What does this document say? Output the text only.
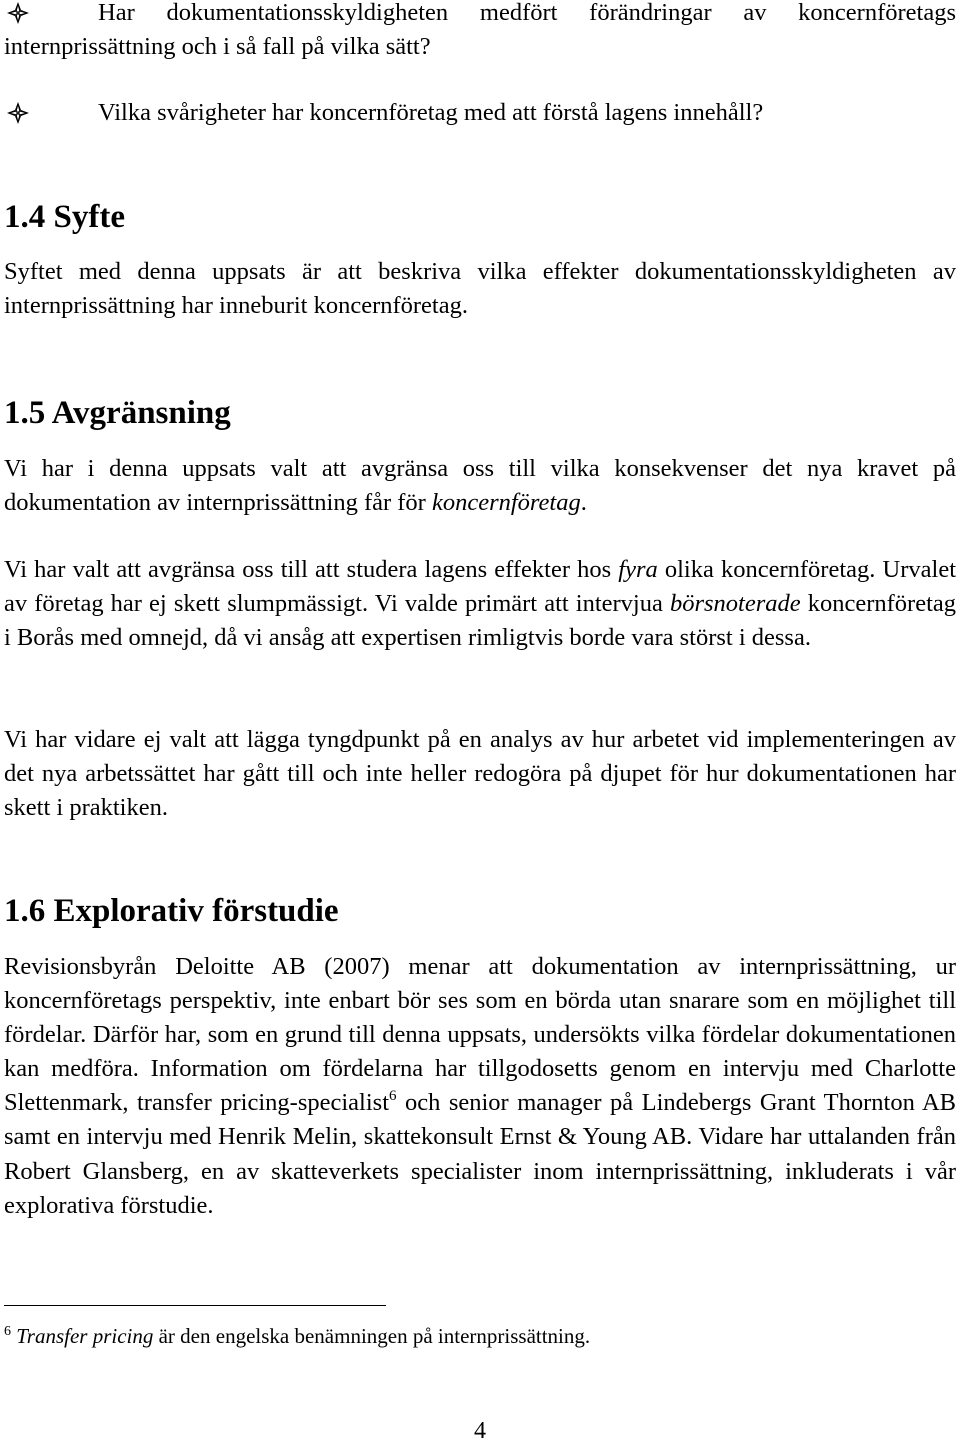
Har dokumentationsskyldigheten medfört förändringar av koncernföretags internprissättning och i så fall på vilka sätt?
Vilka svårigheter har koncernföretag med att förstå lagens innehåll?
1.4 Syfte

Syftet med denna uppsats är att beskriva vilka effekter dokumentationsskyldigheten av internprissättning har inneburit koncernföretag.

1.5 Avgränsning

Vi har i denna uppsats valt att avgränsa oss till vilka konsekvenser det nya kravet på dokumentation av internprissättning får för koncernföretag.

Vi har valt att avgränsa oss till att studera lagens effekter hos fyra olika koncernföretag. Urvalet av företag har ej skett slumpmässigt. Vi valde primärt att intervjua börsnoterade koncernföretag i Borås med omnejd, då vi ansåg att expertisen rimligtvis borde vara störst i dessa.

Vi har vidare ej valt att lägga tyngdpunkt på en analys av hur arbetet vid implementeringen av det nya arbetssättet har gått till och inte heller redogöra på djupet för hur dokumentationen har skett i praktiken.

1.6 Explorativ förstudie

Revisionsbyrån Deloitte AB (2007) menar att dokumentation av internprissättning, ur koncernföretags perspektiv, inte enbart bör ses som en börda utan snarare som en möjlighet till fördelar. Därför har, som en grund till denna uppsats, undersökts vilka fördelar dokumentationen kan medföra. Information om fördelarna har tillgodosetts genom en intervju med Charlotte Slettenmark, transfer pricing-specialist$^6$ och senior manager på Lindebergs Grant Thornton AB samt en intervju med Henrik Melin, skattekonsult Ernst & Young AB. Vidare har uttalanden från Robert Glansberg, en av skatteverkets specialister inom internprissättning, inkluderats i vår explorativa förstudie.

$^6$ Transfer pricing är den engelska benämningen på internprissättning.
4
